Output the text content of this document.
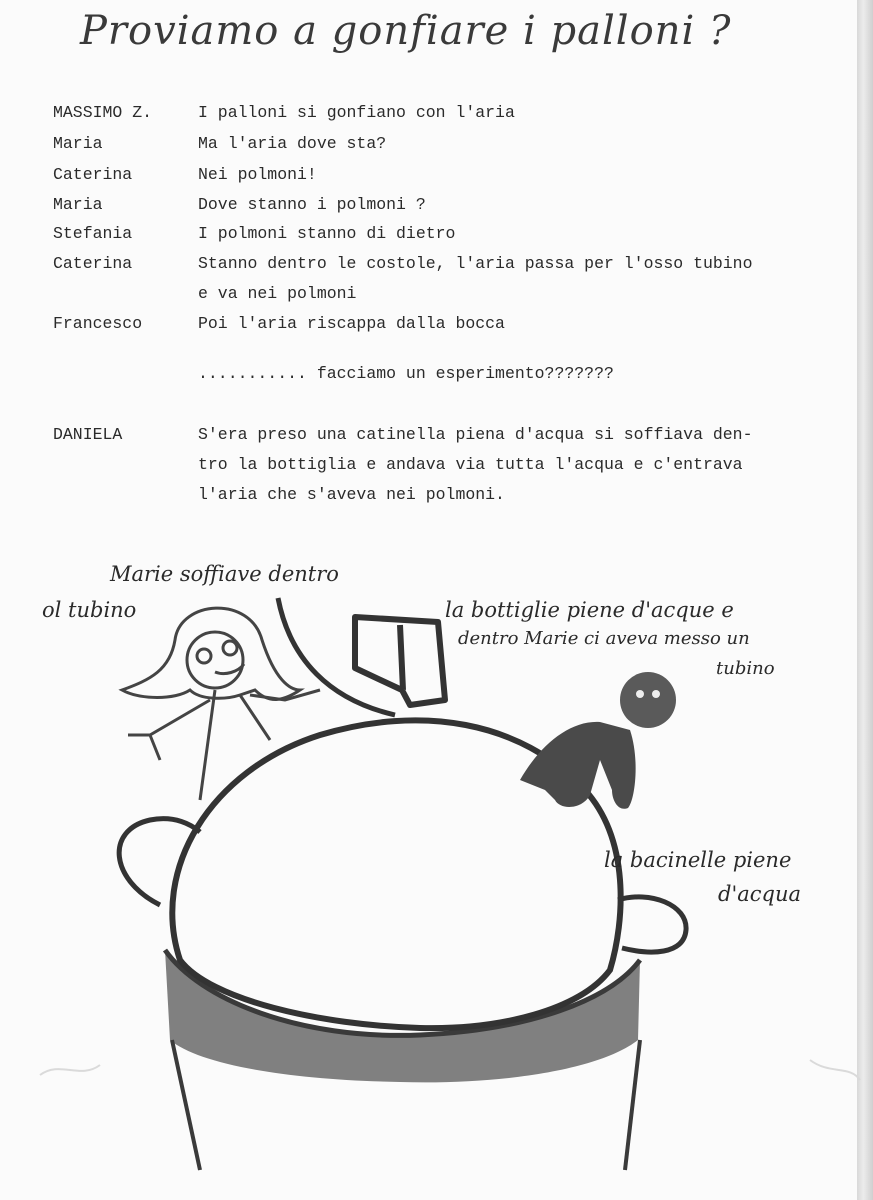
Proviamo a gonfiare i palloni ?
MASSIMO Z.	I palloni si gonfiano con l'aria
Maria	Ma l'aria dove sta?
Caterina	Nei polmoni!
Maria	Dove stanno i polmoni ?
Stefania	I polmoni stanno di dietro
Caterina	Stanno dentro le costole, l'aria passa per l'osso tubino
e va nei polmoni
Francesco	Poi l'aria riscappa dalla bocca
........... facciamo un esperimento???????
DANIELA	S'era preso una catinella piena d'acqua si soffiava den-
tro la bottiglia e andava via tutta l'acqua e c'entrava
l'aria che s'aveva nei polmoni.
Marie soffiave dentro
ol tubino	la bottiglie piene d'acque e
dentro Marie ci aveva messo un
tubino
la bacinelle piene
d'acqua
